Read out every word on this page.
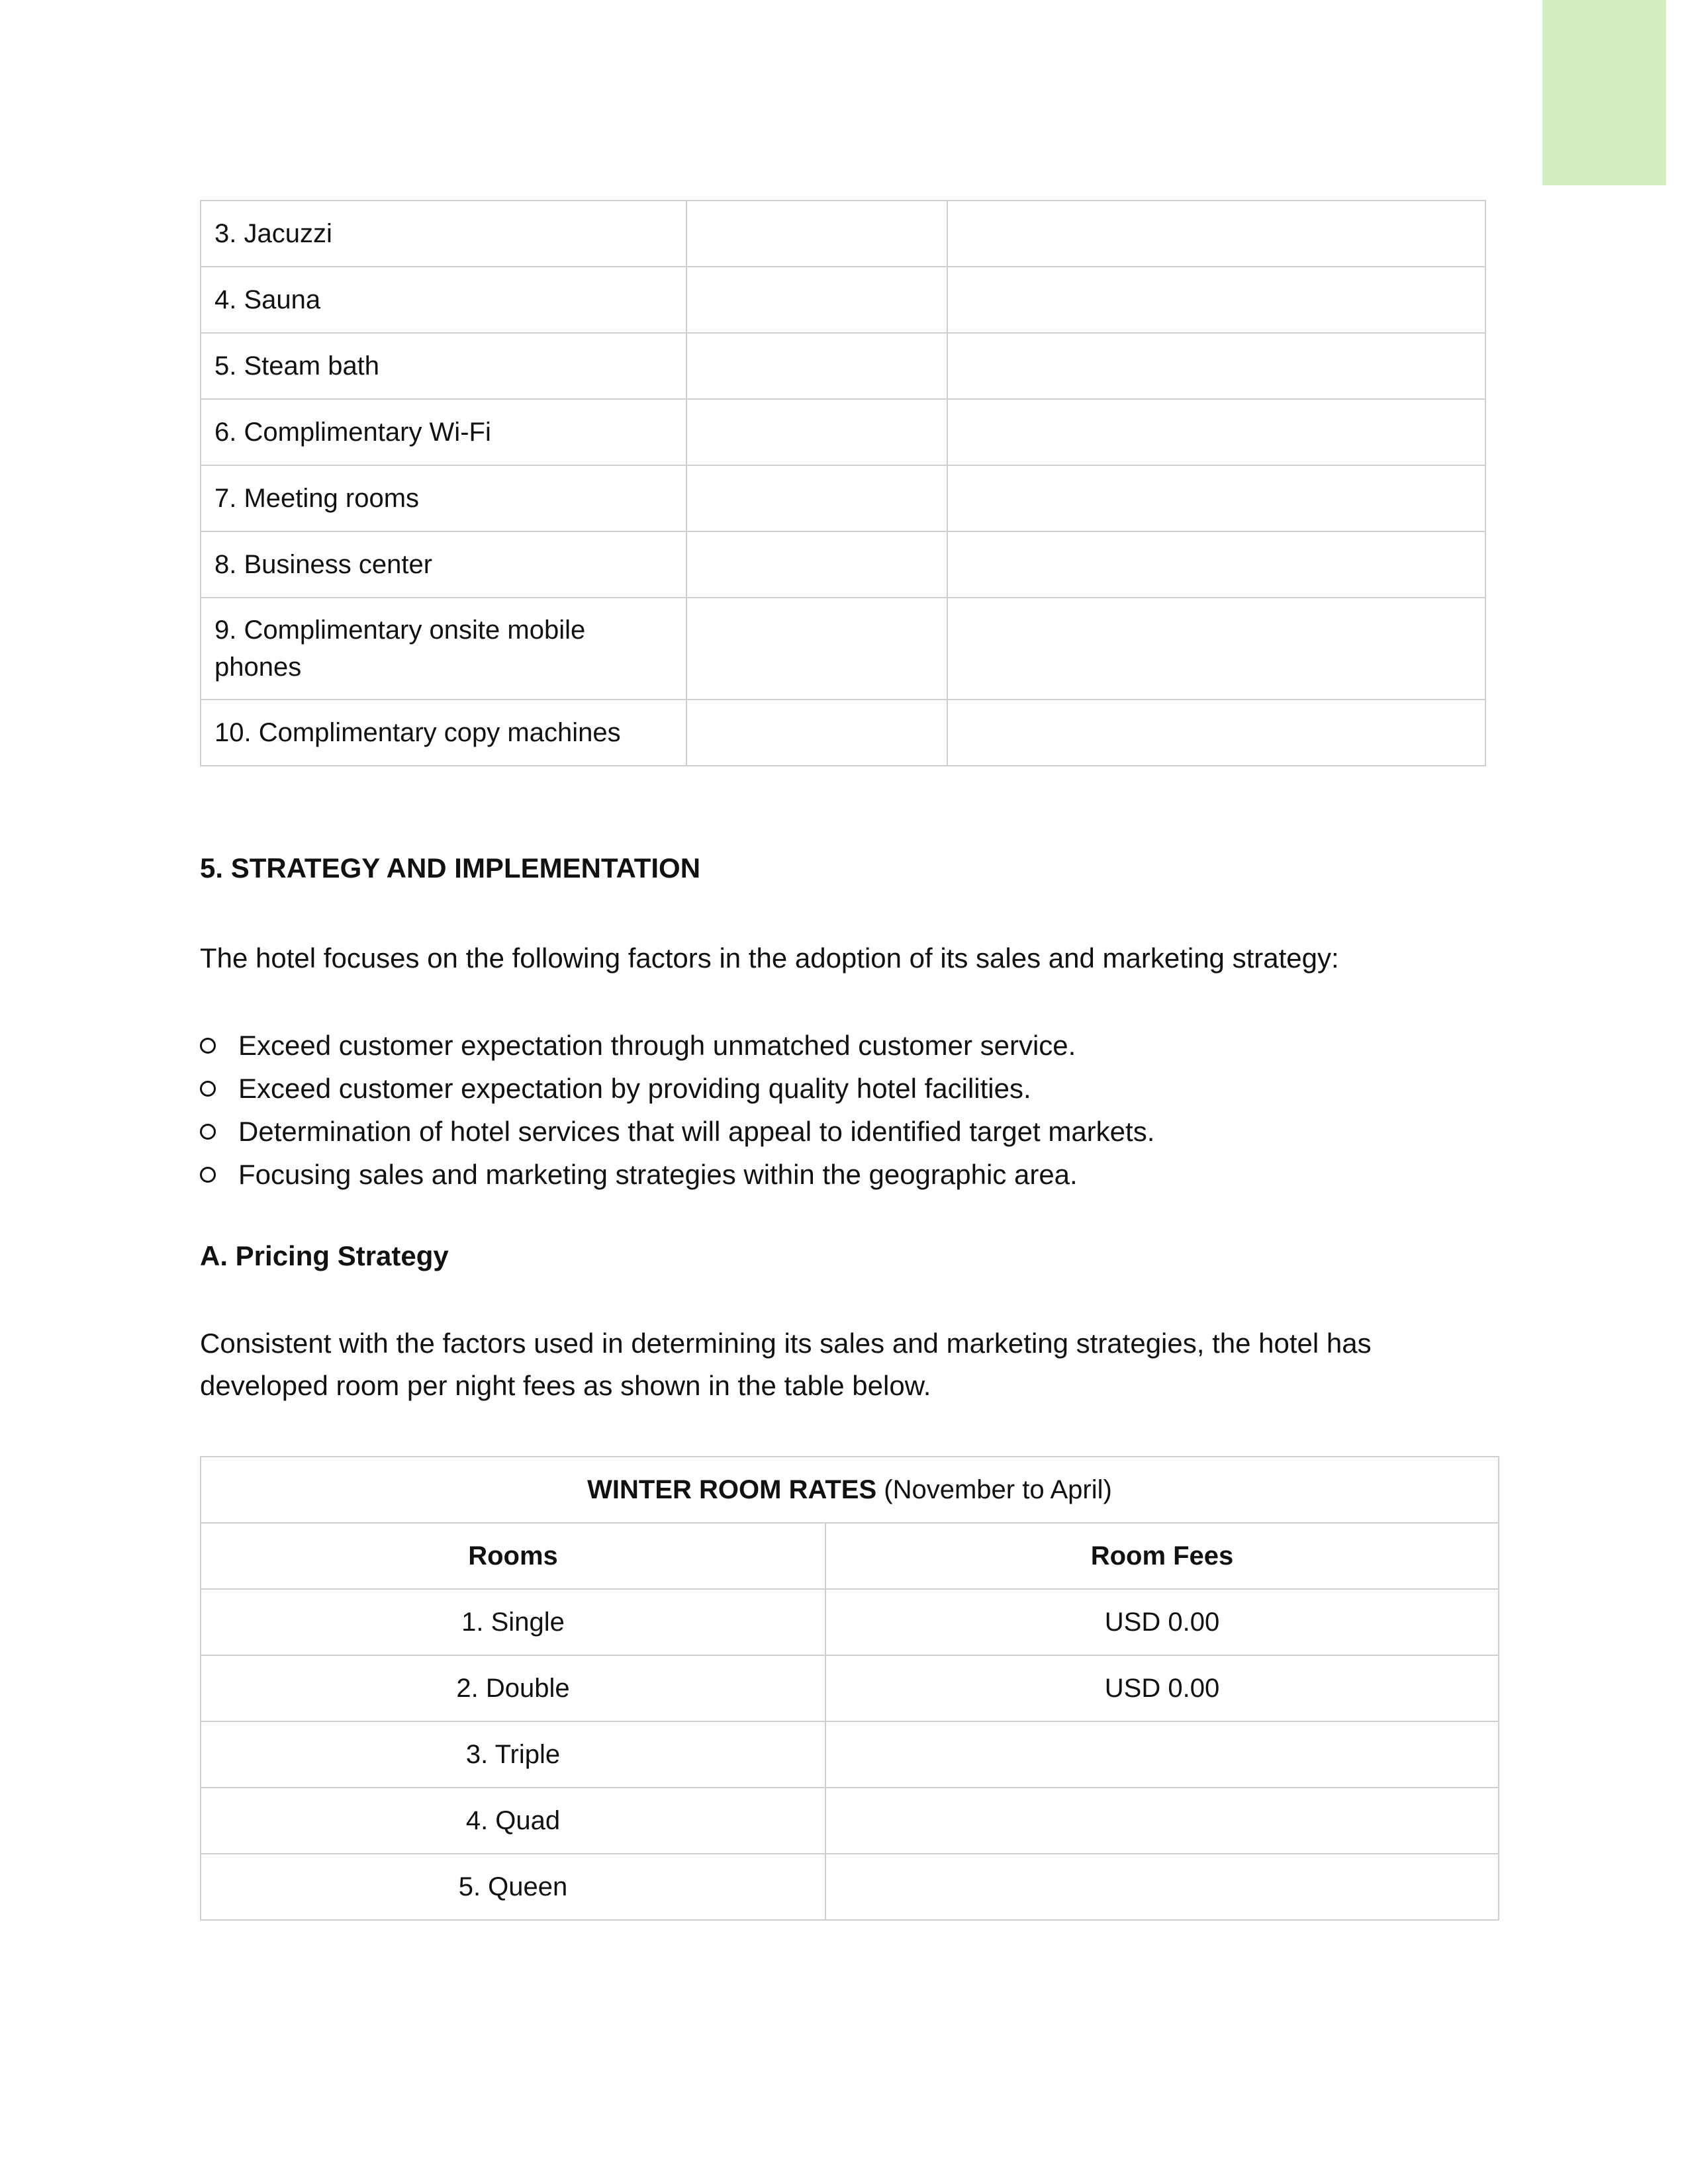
3. Jacuzzi		
4. Sauna		
5. Steam bath		
6. Complimentary Wi-Fi		
7. Meeting rooms		
8. Business center		
9. Complimentary onsite mobile phones		
10. Complimentary copy machines		
5. STRATEGY AND IMPLEMENTATION

The hotel focuses on the following factors in the adoption of its sales and marketing strategy:

Exceed customer expectation through unmatched customer service.
Exceed customer expectation by providing quality hotel facilities.
Determination of hotel services that will appeal to identified target markets.
Focusing sales and marketing strategies within the geographic area.
A. Pricing Strategy

Consistent with the factors used in determining its sales and marketing strategies, the hotel has developed room per night fees as shown in the table below.

WINTER ROOM RATES (November to April)	
Rooms	Room Fees
1. Single	USD 0.00
2. Double	USD 0.00
3. Triple	
4. Quad	
5. Queen	
